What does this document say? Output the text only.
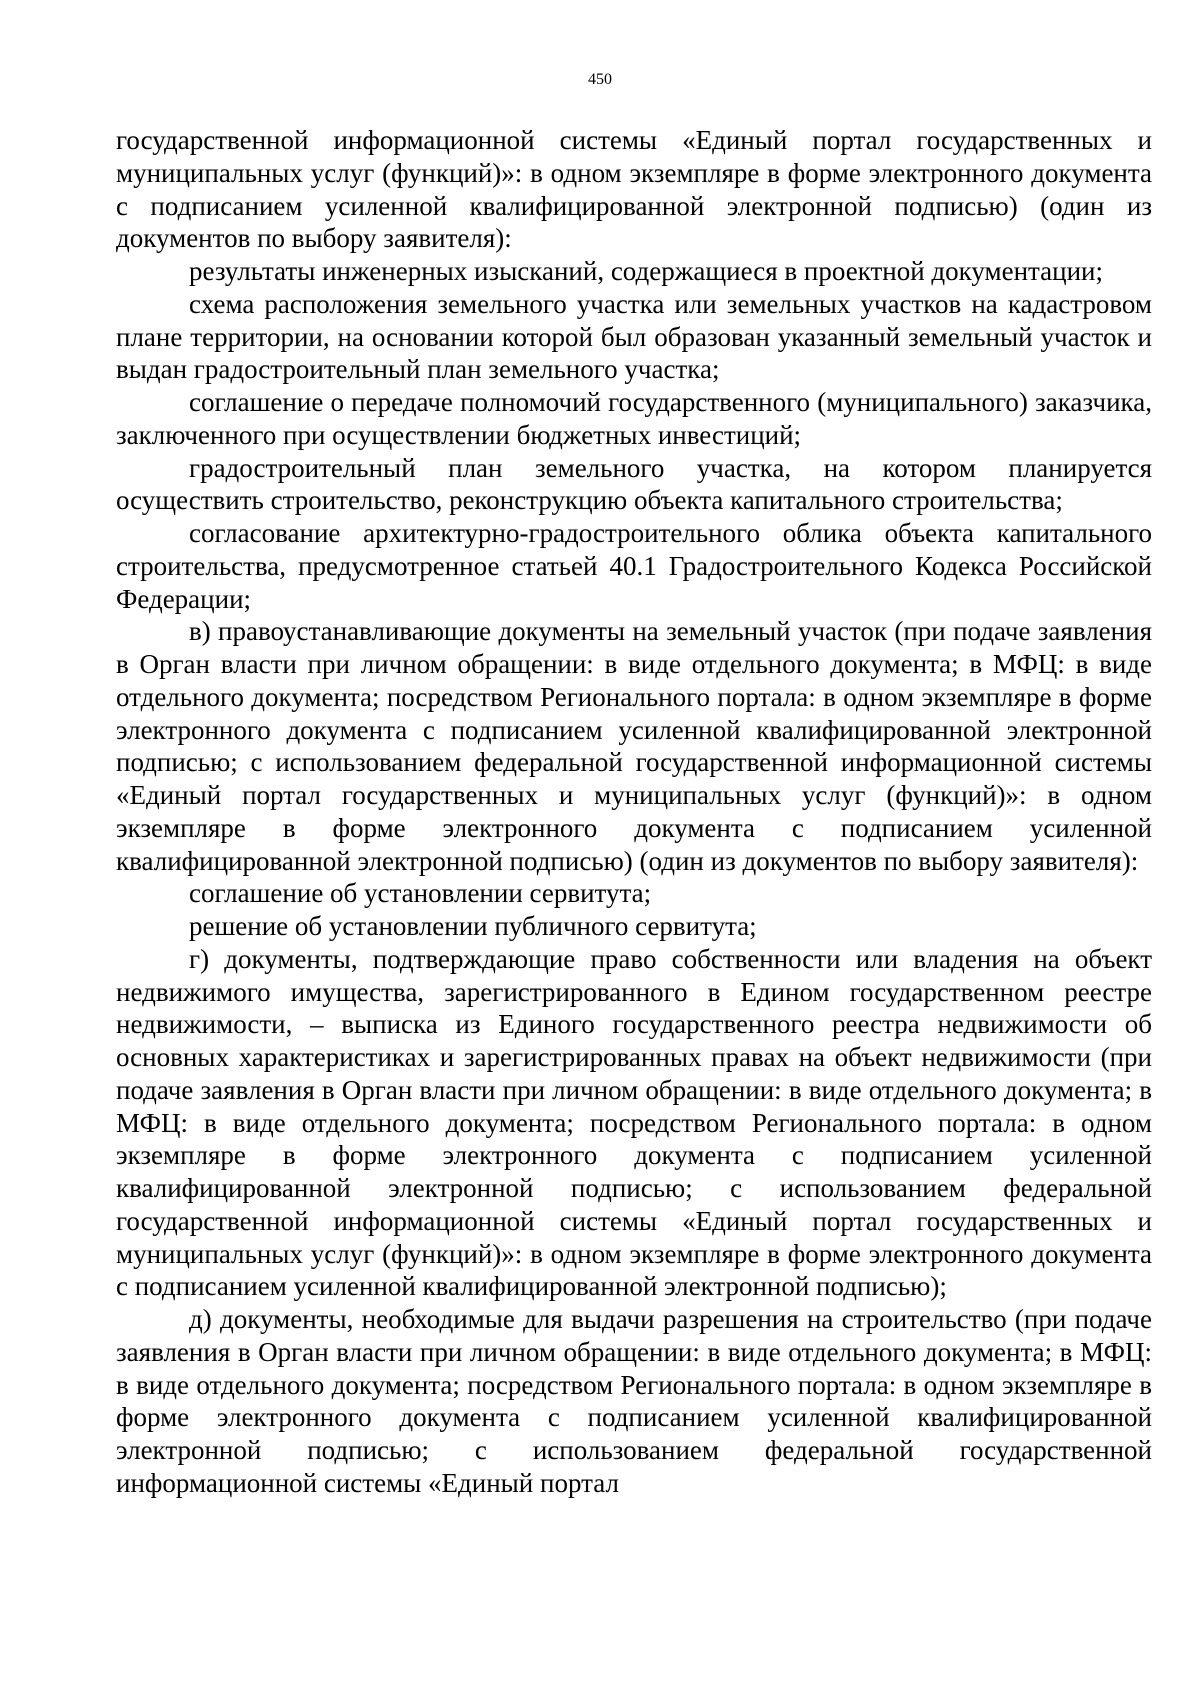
450

государственной информационной системы «Единый портал государственных и муниципальных услуг (функций)»: в одном экземпляре в форме электронного документа с подписанием усиленной квалифицированной электронной подписью) (один из документов по выбору заявителя):

результаты инженерных изысканий, содержащиеся в проектной документации;

схема расположения земельного участка или земельных участков на кадастровом плане территории, на основании которой был образован указанный земельный участок и выдан градостроительный план земельного участка;

соглашение о передаче полномочий государственного (муниципального) заказчика, заключенного при осуществлении бюджетных инвестиций;

градостроительный план земельного участка, на котором планируется осуществить строительство, реконструкцию объекта капитального строительства;

согласование архитектурно-градостроительного облика объекта капитального строительства, предусмотренное статьей 40.1 Градостроительного Кодекса Российской Федерации;

в) правоустанавливающие документы на земельный участок (при подаче заявления в Орган власти при личном обращении: в виде отдельного документа; в МФЦ: в виде отдельного документа; посредством Регионального портала: в одном экземпляре в форме электронного документа с подписанием усиленной квалифицированной электронной подписью; с использованием федеральной государственной информационной системы «Единый портал государственных и муниципальных услуг (функций)»: в одном экземпляре в форме электронного документа с подписанием усиленной квалифицированной электронной подписью) (один из документов по выбору заявителя):

соглашение об установлении сервитута;

решение об установлении публичного сервитута;

г) документы, подтверждающие право собственности или владения на объект недвижимого имущества, зарегистрированного в Едином государственном реестре недвижимости, – выписка из Единого государственного реестра недвижимости об основных характеристиках и зарегистрированных правах на объект недвижимости (при подаче заявления в Орган власти при личном обращении: в виде отдельного документа; в МФЦ: в виде отдельного документа; посредством Регионального портала: в одном экземпляре в форме электронного документа с подписанием усиленной квалифицированной электронной подписью; с использованием федеральной государственной информационной системы «Единый портал государственных и муниципальных услуг (функций)»: в одном экземпляре в форме электронного документа с подписанием усиленной квалифицированной электронной подписью);

д) документы, необходимые для выдачи разрешения на строительство (при подаче заявления в Орган власти при личном обращении: в виде отдельного документа; в МФЦ: в виде отдельного документа; посредством Регионального портала: в одном экземпляре в форме электронного документа с подписанием усиленной квалифицированной электронной подписью; с использованием федеральной государственной информационной системы «Единый портал
